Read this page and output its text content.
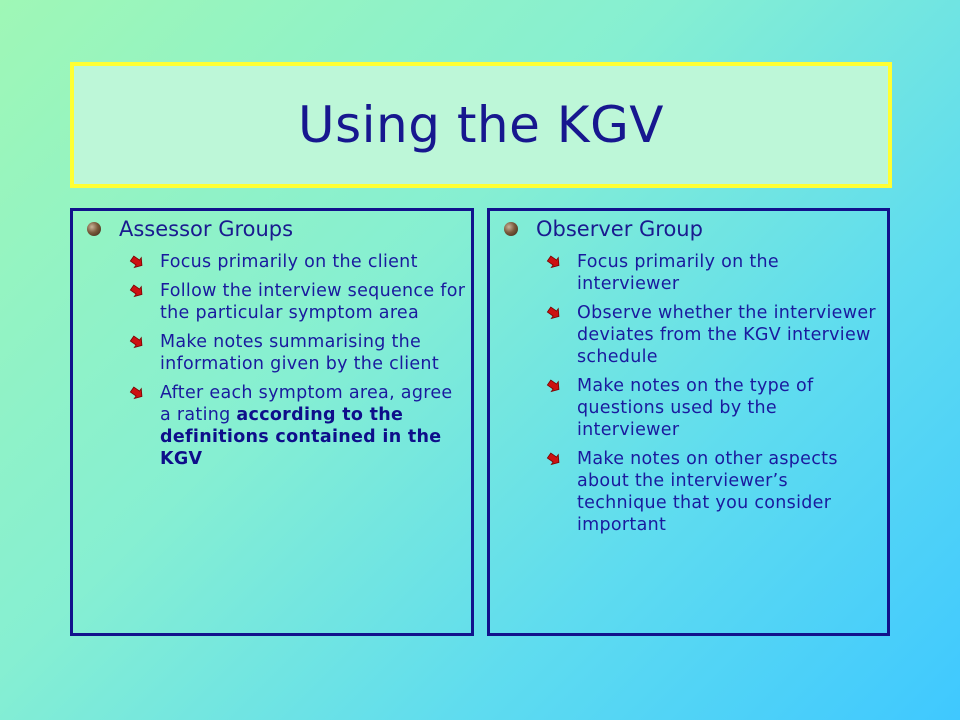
Using the KGV
Assessor Groups
Focus primarily on the client
Follow the interview sequence for the particular symptom area
Make notes summarising the information given by the client
After each symptom area, agree a rating according to the definitions contained in the KGV
Observer Group
Focus primarily on the interviewer
Observe whether the interviewer deviates from the KGV interview schedule
Make notes on the type of questions used by the interviewer
Make notes on other aspects about the interviewer’s technique that you consider important
